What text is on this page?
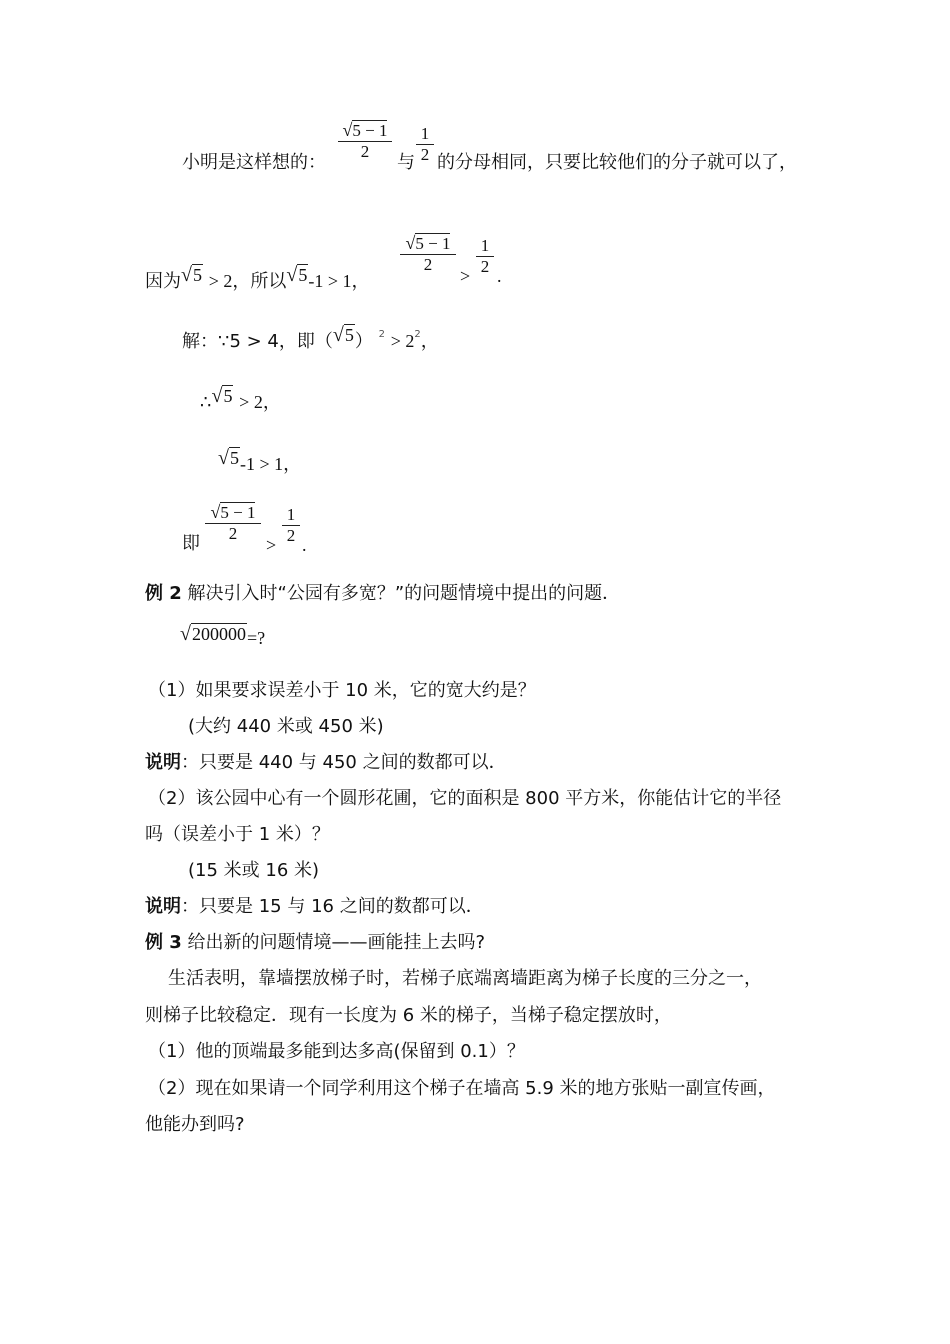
小明是这样想的：
$\frac{√5 - 1}{2}$
与 $\frac{1}{2}$ 的分母相同，只要比较他们的分子就可以了，
因为√5 > 2，所以√5-1 > 1，
$\frac{√5 - 1}{2}$
> $\frac{1}{2}$ .
解：∵5 > 4，即（√5） $^2 > 2^2$，
∴√5 > 2，
√5-1 > 1，
即 $\frac{√5 - 1}{2}$
> $\frac{1}{2}$ .
例 2 解决引入时“公园有多宽？”的问题情境中提出的问题．
√200000=?
（1）如果要求误差小于 10 米，它的宽大约是？
(大约 440 米或 450 米)
说明：只要是 440 与 450 之间的数都可以．
（2）该公园中心有一个圆形花圃，它的面积是 800 平方米，你能估计它的半径
吗（误差小于 1 米）？
(15 米或 16 米)
说明：只要是 15 与 16 之间的数都可以．
例 3 给出新的问题情境——画能挂上去吗?
生活表明，靠墙摆放梯子时，若梯子底端离墙距离为梯子长度的三分之一，
则梯子比较稳定．现有一长度为 6 米的梯子，当梯子稳定摆放时，
（1）他的顶端最多能到达多高(保留到 0.1）？
（2）现在如果请一个同学利用这个梯子在墙高 5.9 米的地方张贴一副宣传画，
他能办到吗?
